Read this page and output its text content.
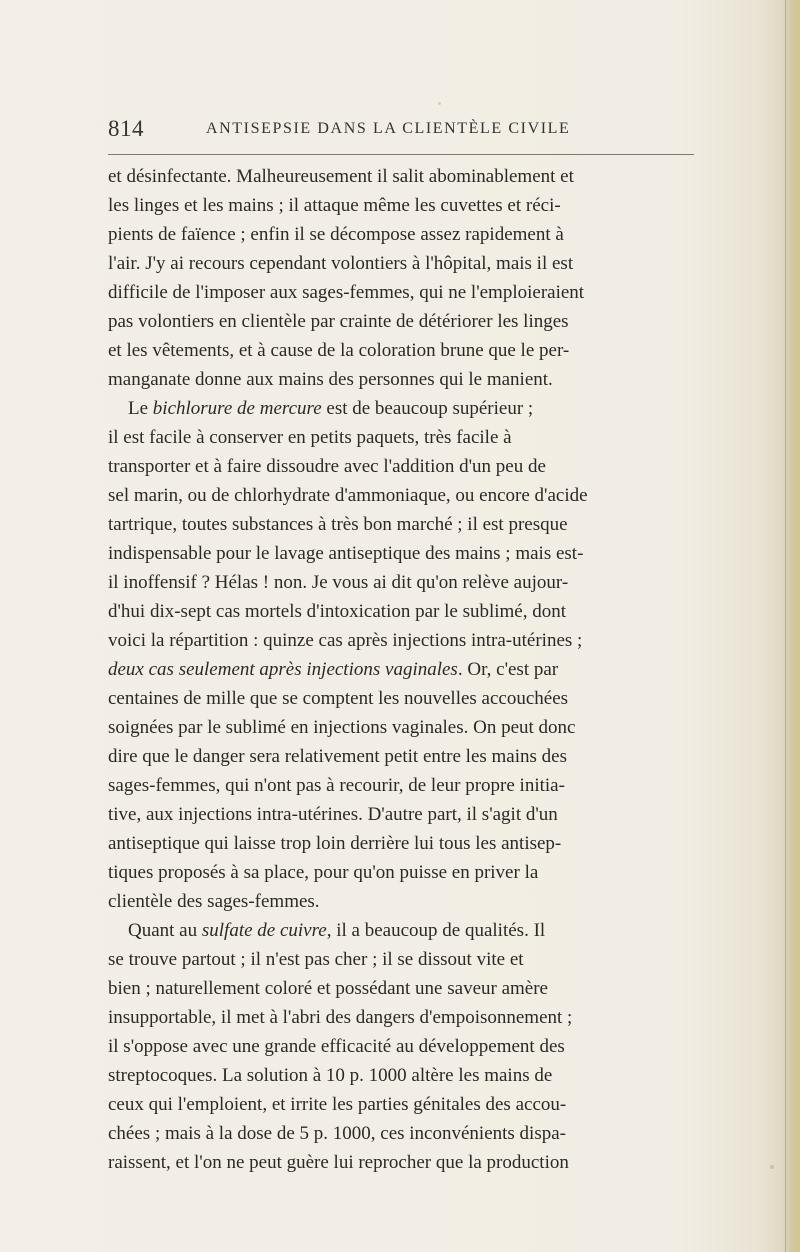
814	ANTISEPSIE DANS LA CLIENTÈLE CIVILE
et désinfectante. Malheureusement il salit abominablement et
les linges et les mains ; il attaque même les cuvettes et réci-
pients de faïence ; enfin il se décompose assez rapidement à
l'air. J'y ai recours cependant volontiers à l'hôpital, mais il est
difficile de l'imposer aux sages-femmes, qui ne l'emploieraient
pas volontiers en clientèle par crainte de détériorer les linges
et les vêtements, et à cause de la coloration brune que le per-
manganate donne aux mains des personnes qui le manient.
Le bichlorure de mercure est de beaucoup supérieur ;
il est facile à conserver en petits paquets, très facile à
transporter et à faire dissoudre avec l'addition d'un peu de
sel marin, ou de chlorhydrate d'ammoniaque, ou encore d'acide
tartrique, toutes substances à très bon marché ; il est presque
indispensable pour le lavage antiseptique des mains ; mais est-
il inoffensif ? Hélas ! non. Je vous ai dit qu'on relève aujour-
d'hui dix-sept cas mortels d'intoxication par le sublimé, dont
voici la répartition : quinze cas après injections intra-utérines ;
deux cas seulement après injections vaginales. Or, c'est par
centaines de mille que se comptent les nouvelles accouchées
soignées par le sublimé en injections vaginales. On peut donc
dire que le danger sera relativement petit entre les mains des
sages-femmes, qui n'ont pas à recourir, de leur propre initia-
tive, aux injections intra-utérines. D'autre part, il s'agit d'un
antiseptique qui laisse trop loin derrière lui tous les antisep-
tiques proposés à sa place, pour qu'on puisse en priver la
clientèle des sages-femmes.
Quant au sulfate de cuivre, il a beaucoup de qualités. Il
se trouve partout ; il n'est pas cher ; il se dissout vite et
bien ; naturellement coloré et possédant une saveur amère
insupportable, il met à l'abri des dangers d'empoisonnement ;
il s'oppose avec une grande efficacité au développement des
streptocoques. La solution à 10 p. 1000 altère les mains de
ceux qui l'emploient, et irrite les parties génitales des accou-
chées ; mais à la dose de 5 p. 1000, ces inconvénients dispa-
raissent, et l'on ne peut guère lui reprocher que la production
